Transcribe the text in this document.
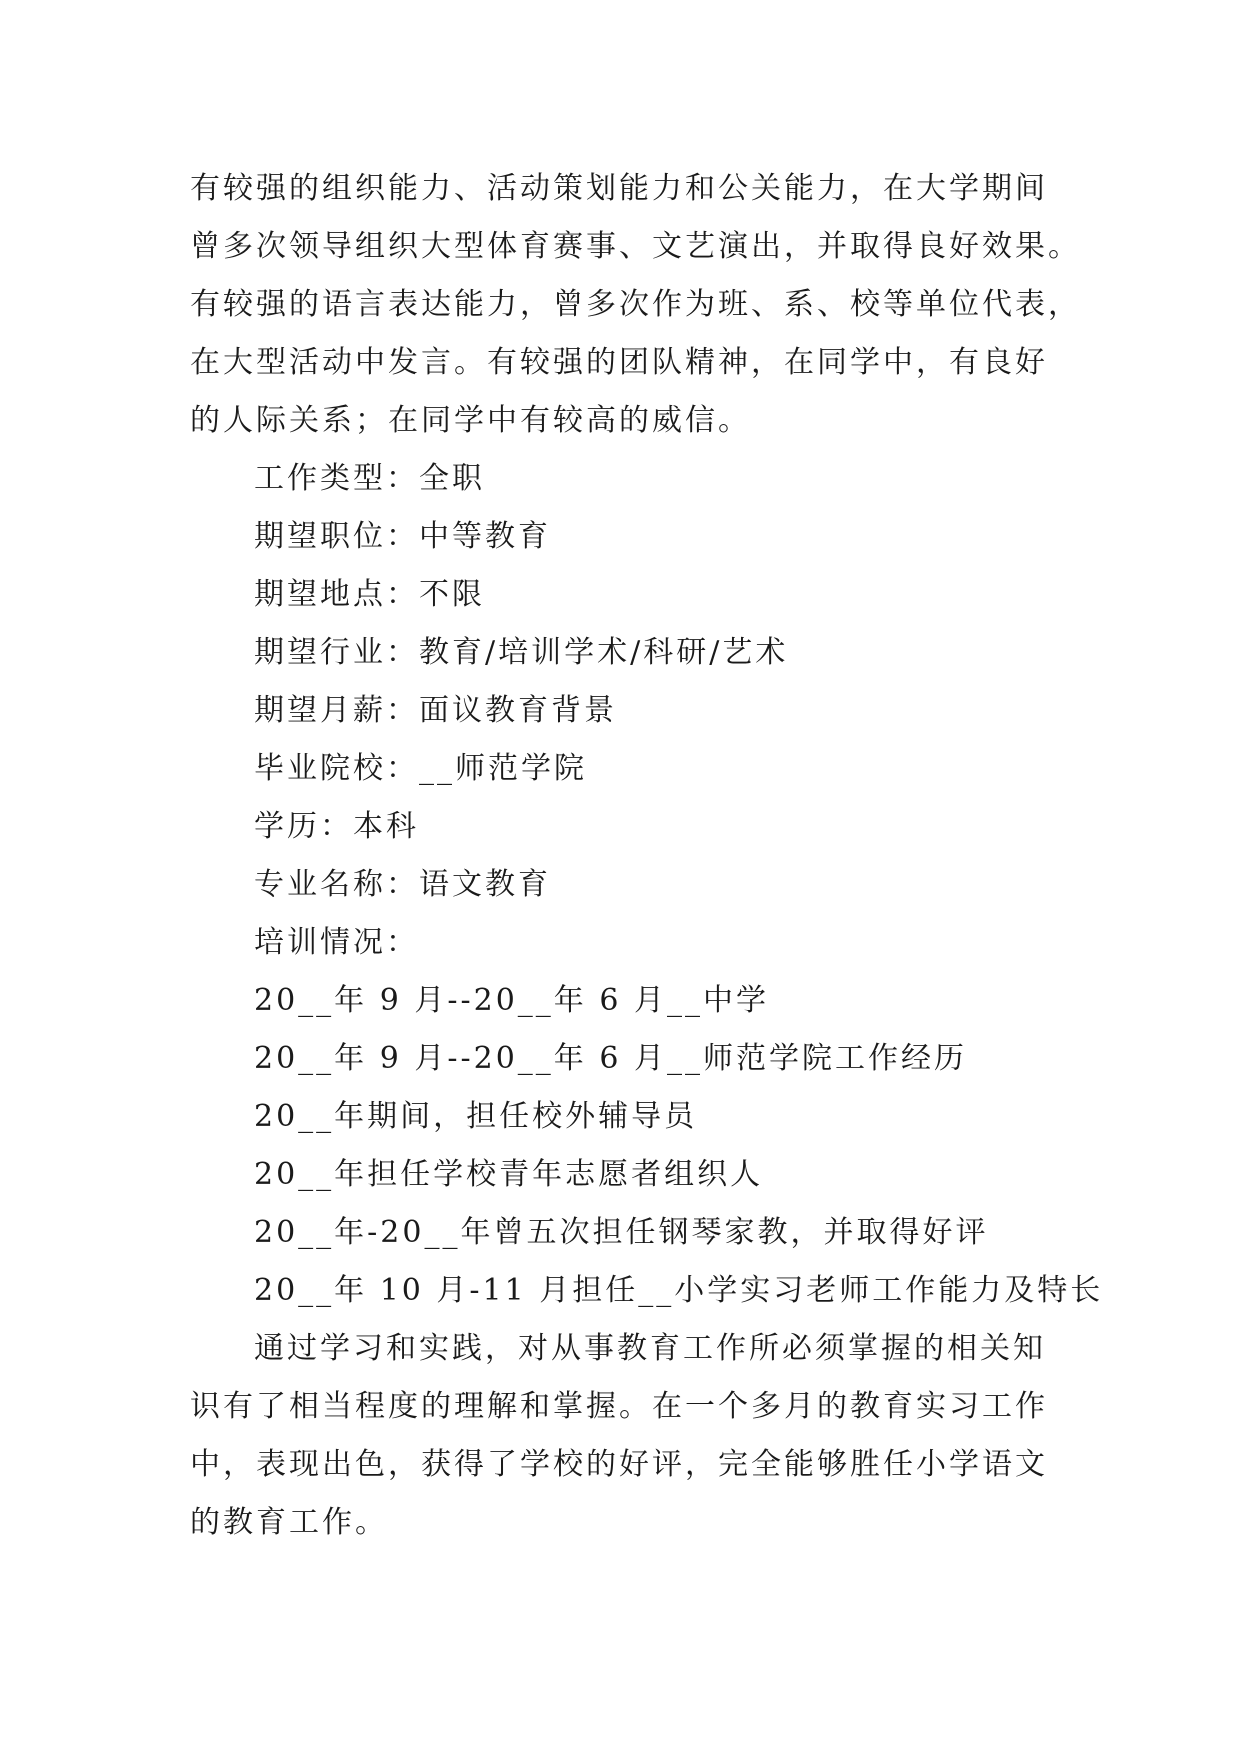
有较强的组织能力、活动策划能力和公关能力，在大学期间
曾多次领导组织大型体育赛事、文艺演出，并取得良好效果。
有较强的语言表达能力，曾多次作为班、系、校等单位代表，
在大型活动中发言。有较强的团队精神，在同学中，有良好
的人际关系；在同学中有较高的威信。
工作类型：全职
期望职位：中等教育
期望地点：不限
期望行业：教育/培训学术/科研/艺术
期望月薪：面议教育背景
毕业院校：__师范学院
学历：本科
专业名称：语文教育
培训情况：
20__年 9 月--20__年 6 月__中学
20__年 9 月--20__年 6 月__师范学院工作经历
20__年期间，担任校外辅导员
20__年担任学校青年志愿者组织人
20__年-20__年曾五次担任钢琴家教，并取得好评
20__年 10 月-11 月担任__小学实习老师工作能力及特长
通过学习和实践，对从事教育工作所必须掌握的相关知
识有了相当程度的理解和掌握。在一个多月的教育实习工作
中，表现出色，获得了学校的好评，完全能够胜任小学语文
的教育工作。
